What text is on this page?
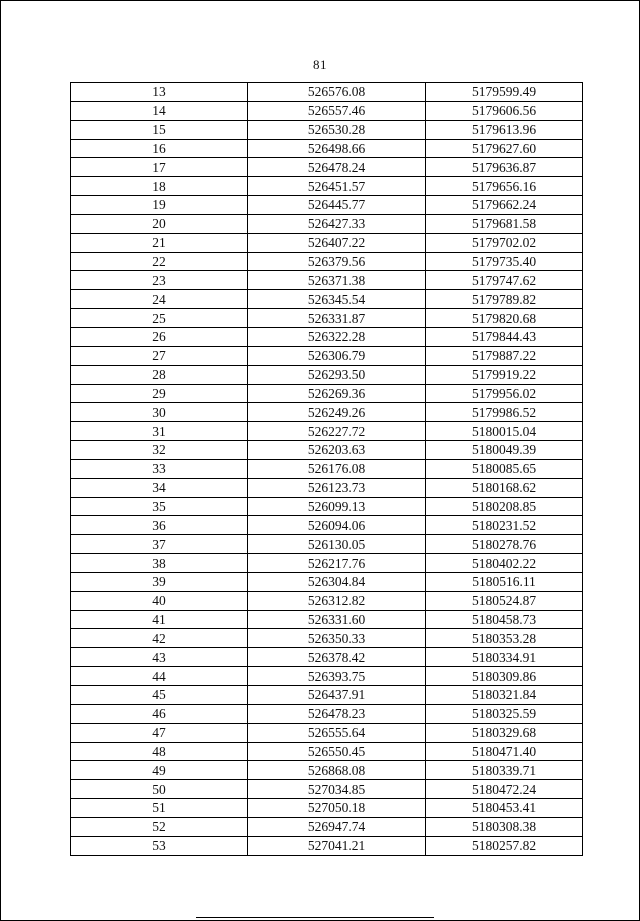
81
13	526576.08	5179599.49
14	526557.46	5179606.56
15	526530.28	5179613.96
16	526498.66	5179627.60
17	526478.24	5179636.87
18	526451.57	5179656.16
19	526445.77	5179662.24
20	526427.33	5179681.58
21	526407.22	5179702.02
22	526379.56	5179735.40
23	526371.38	5179747.62
24	526345.54	5179789.82
25	526331.87	5179820.68
26	526322.28	5179844.43
27	526306.79	5179887.22
28	526293.50	5179919.22
29	526269.36	5179956.02
30	526249.26	5179986.52
31	526227.72	5180015.04
32	526203.63	5180049.39
33	526176.08	5180085.65
34	526123.73	5180168.62
35	526099.13	5180208.85
36	526094.06	5180231.52
37	526130.05	5180278.76
38	526217.76	5180402.22
39	526304.84	5180516.11
40	526312.82	5180524.87
41	526331.60	5180458.73
42	526350.33	5180353.28
43	526378.42	5180334.91
44	526393.75	5180309.86
45	526437.91	5180321.84
46	526478.23	5180325.59
47	526555.64	5180329.68
48	526550.45	5180471.40
49	526868.08	5180339.71
50	527034.85	5180472.24
51	527050.18	5180453.41
52	526947.74	5180308.38
53	527041.21	5180257.82
